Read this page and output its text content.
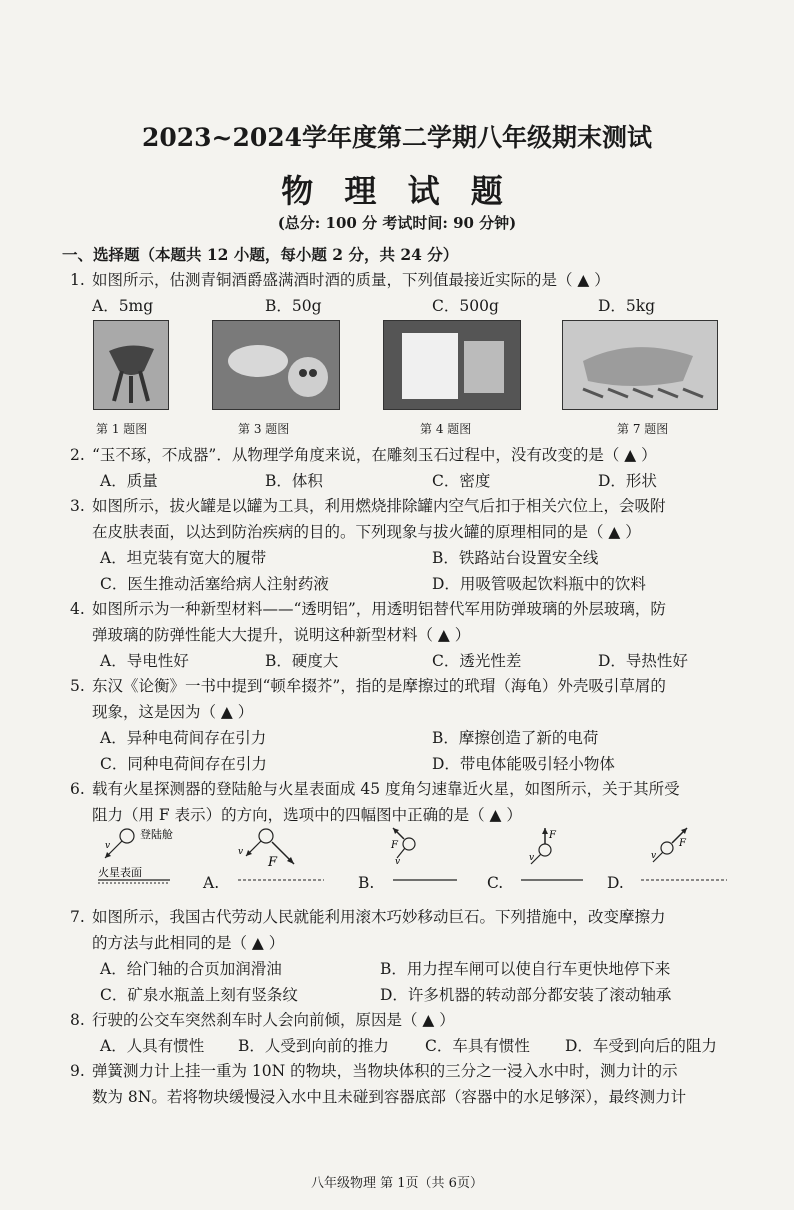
2023~2024学年度第二学期八年级期末测试
物 理 试 题
(总分: 100 分 考试时间: 90 分钟)
一、选择题（本题共 12 小题，每小题 2 分，共 24 分）
1. 如图所示，估测青铜酒爵盛满酒时酒的质量，下列值最接近实际的是（ ▲ ）
A．5mg	B．50g	C．500g	D．5kg
第 1 题图	第 3 题图	第 4 题图	第 7 题图
2. “玉不琢，不成器”．从物理学角度来说，在雕刻玉石过程中，没有改变的是（ ▲ ）
A．质量	B．体积	C．密度	D．形状
3. 如图所示，拔火罐是以罐为工具，利用燃烧排除罐内空气后扣于相关穴位上，会吸附
在皮肤表面，以达到防治疾病的目的。下列现象与拔火罐的原理相同的是（ ▲ ）
A．坦克装有宽大的履带	B．铁路站台设置安全线
C．医生推动活塞给病人注射药液	D．用吸管吸起饮料瓶中的饮料
4. 如图所示为一种新型材料——“透明铝”，用透明铝替代军用防弹玻璃的外层玻璃，防
弹玻璃的防弹性能大大提升，说明这种新型材料（ ▲ ）
A．导电性好	B．硬度大	C．透光性差	D．导热性好
5. 东汉《论衡》一书中提到“顿牟掇芥”，指的是摩擦过的玳瑁（海龟）外壳吸引草屑的
现象，这是因为（ ▲ ）
A．异种电荷间存在引力	B．摩擦创造了新的电荷
C．同种电荷间存在引力	D．带电体能吸引轻小物体
6. 载有火星探测器的登陆舱与火星表面成 45 度角匀速靠近火星，如图所示，关于其所受
阻力（用 F 表示）的方向，选项中的四幅图中正确的是（ ▲ ）
登陆舱
火星表面
v
A.
v
F
B.
F
v
C.
F
v
D.
F
v
7. 如图所示，我国古代劳动人民就能利用滚木巧妙移动巨石。下列措施中，改变摩擦力
的方法与此相同的是（ ▲ ）
A．给门轴的合页加润滑油	B．用力捏车闸可以使自行车更快地停下来
C．矿泉水瓶盖上刻有竖条纹	D．许多机器的转动部分都安装了滚动轴承
8. 行驶的公交车突然刹车时人会向前倾，原因是（ ▲ ）
A．人具有惯性 B．人受到向前的推力 C．车具有惯性 D．车受到向后的阻力
9. 弹簧测力计上挂一重为 10N 的物块，当物块体积的三分之一浸入水中时，测力计的示
数为 8N。若将物块缓慢浸入水中且未碰到容器底部（容器中的水足够深），最终测力计
八年级物理 第 1页（共 6页）
